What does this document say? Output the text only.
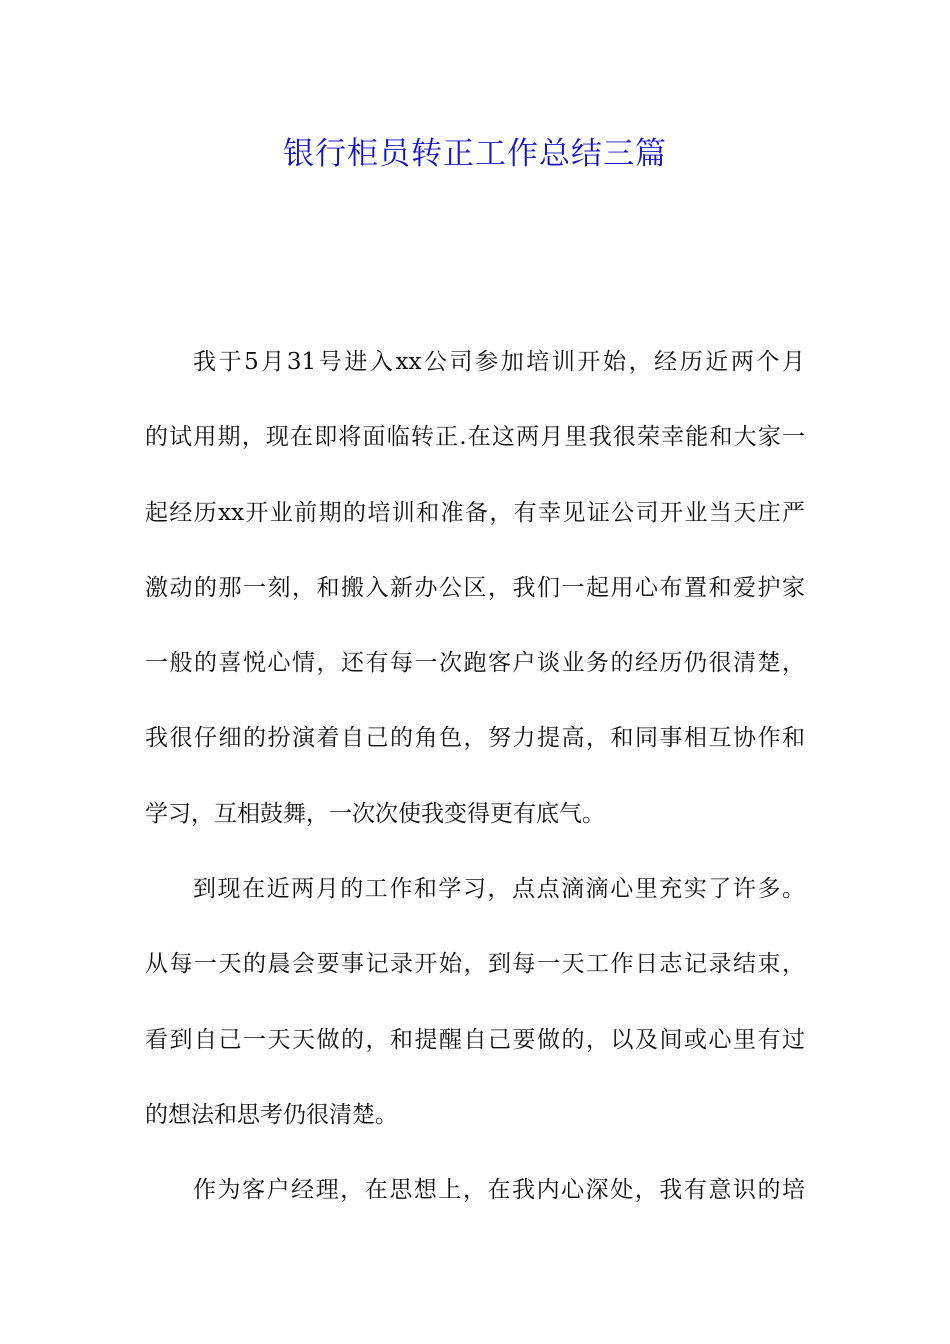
银行柜员转正工作总结三篇
我于5月31号进入xx公司参加培训开始，经历近两个月
的试用期，现在即将面临转正.在这两月里我很荣幸能和大家一
起经历xx开业前期的培训和准备，有幸见证公司开业当天庄严
激动的那一刻，和搬入新办公区，我们一起用心布置和爱护家
一般的喜悦心情，还有每一次跑客户谈业务的经历仍很清楚，
我很仔细的扮演着自己的角色，努力提高，和同事相互协作和
学习，互相鼓舞，一次次使我变得更有底气。
到现在近两月的工作和学习，点点滴滴心里充实了许多。
从每一天的晨会要事记录开始，到每一天工作日志记录结束，
看到自己一天天做的，和提醒自己要做的，以及间或心里有过
的想法和思考仍很清楚。
作为客户经理，在思想上，在我内心深处，我有意识的培
